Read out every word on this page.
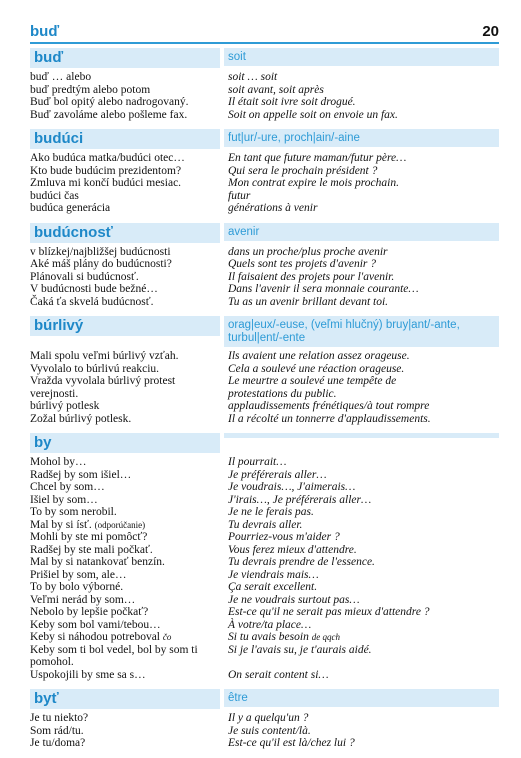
buď	20
buď	soit
buď … alebo	soit … soit
buď predtým alebo potom	soit avant, soit après
Buď bol opitý alebo nadrogovaný.	Il était soit ivre soit drogué.
Buď zavoláme alebo pošleme fax.	Soit on appelle soit on envoie un fax.
budúci	fut|ur/-ure, proch|ain/-aine
Ako budúca matka/budúci otec…	En tant que future maman/futur père…
Kto bude budúcim prezidentom?	Qui sera le prochain président ?
Zmluva mi končí budúci mesiac.	Mon contrat expire le mois prochain.
budúci čas	futur
budúca generácia	générations à venir
budúcnosť	avenir
v blízkej/najbližšej budúcnosti	dans un proche/plus proche avenir
Aké máš plány do budúcnosti?	Quels sont tes projets d'avenir ?
Plánovali si budúcnosť.	Il faisaient des projets pour l'avenir.
V budúcnosti bude bežné…	Dans l'avenir il sera monnaie courante…
Čaká ťa skvelá budúcnosť.	Tu as un avenir brillant devant toi.
búrlivý	orag|eux/-euse, (veľmi hlučný) bruy|ant/-ante, turbul|ent/-ente
Mali spolu veľmi búrlivý vzťah.	Ils avaient une relation assez orageuse.
Vyvolalo to búrlivú reakciu.	Cela a soulevé une réaction orageuse.
Vražda vyvolala búrlivý protest	Le meurtre a soulevé une tempête de
verejnosti.	protestations du public.
búrlivý potlesk	applaudissements frénétiques/à tout rompre
Zožal búrlivý potlesk.	Il a récolté un tonnerre d'applaudissements.
by
Mohol by…	Il pourrait…
Radšej by som išiel…	Je préférerais aller…
Chcel by som…	Je voudrais…, J'aimerais…
Išiel by som…	J'irais…, Je préférerais aller…
To by som nerobil.	Je ne le ferais pas.
Mal by si ísť. (odporúčanie)	Tu devrais aller.
Mohli by ste mi pomôcť?	Pourriez-vous m'aider ?
Radšej by ste mali počkať.	Vous ferez mieux d'attendre.
Mal by si natankovať benzín.	Tu devrais prendre de l'essence.
Prišiel by som, ale…	Je viendrais mais…
To by bolo výborné.	Ça serait excellent.
Veľmi nerád by som…	Je ne voudrais surtout pas…
Nebolo by lepšie počkať?	Est-ce qu'il ne serait pas mieux d'attendre ?
Keby som bol vami/tebou…	À votre/ta place…
Keby si náhodou potreboval čo	Si tu avais besoin de qqch
Keby som ti bol vedel, bol by som ti	Si je l'avais su, je t'aurais aidé.
pomohol.
Uspokojili by sme sa s…	On serait content si…
byť	être
Je tu niekto?	Il y a quelqu'un ?
Som rád/tu.	Je suis content/là.
Je tu/doma?	Est-ce qu'il est là/chez lui ?
